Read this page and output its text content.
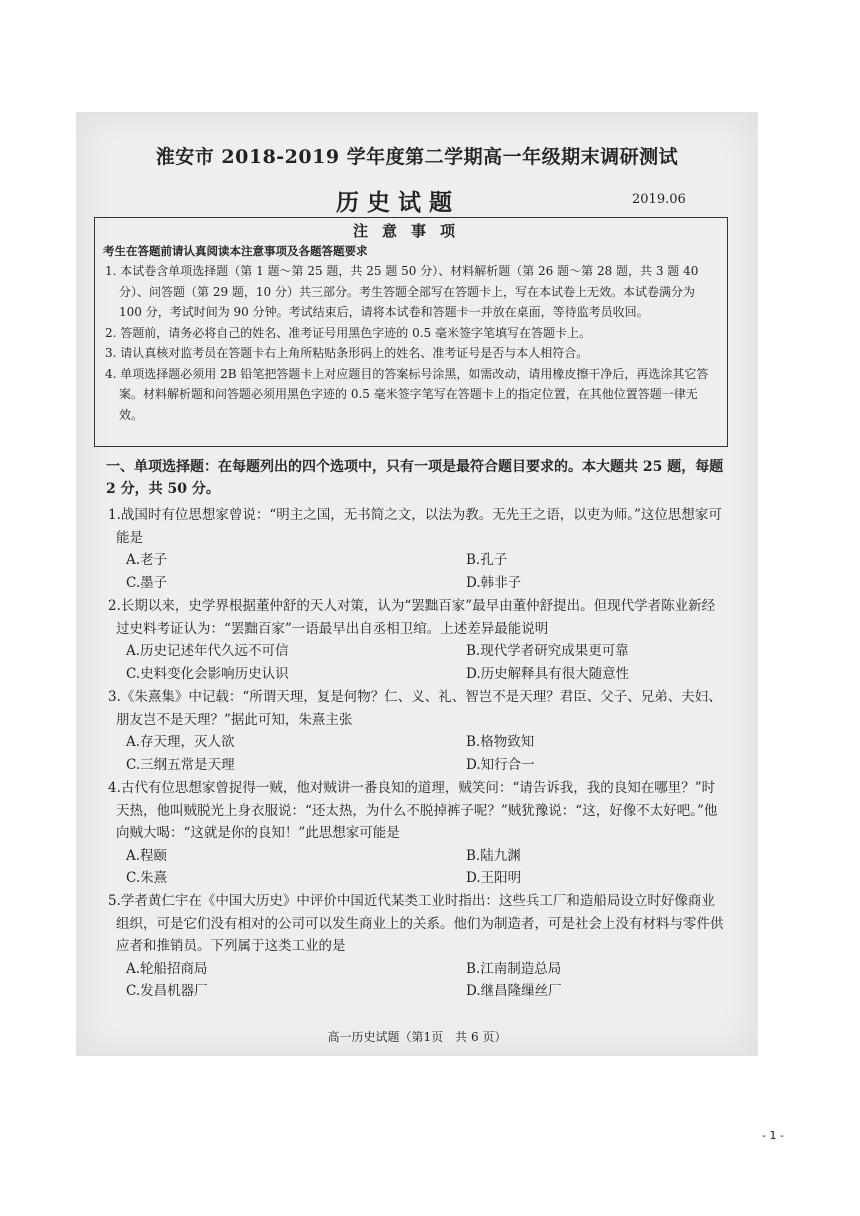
淮安市 2018-2019 学年度第二学期高一年级期末调研测试
历史试题	2019.06
注意事项
考生在答题前请认真阅读本注意事项及各题答题要求
1. 本试卷含单项选择题（第 1 题～第 25 题，共 25 题 50 分）、材料解析题（第 26 题～第 28 题，共 3 题 40 分）、问答题（第 29 题，10 分）共三部分。考生答题全部写在答题卡上，写在本试卷上无效。本试卷满分为 100 分，考试时间为 90 分钟。考试结束后，请将本试卷和答题卡一并放在桌面，等待监考员收回。
2. 答题前，请务必将自己的姓名、准考证号用黑色字迹的 0.5 毫米签字笔填写在答题卡上。
3. 请认真核对监考员在答题卡右上角所粘贴条形码上的姓名、准考证号是否与本人相符合。
4. 单项选择题必须用 2B 铅笔把答题卡上对应题目的答案标号涂黑，如需改动，请用橡皮擦干净后，再选涂其它答案。材料解析题和问答题必须用黑色字迹的 0.5 毫米签字笔写在答题卡上的指定位置，在其他位置答题一律无效。
一、单项选择题：在每题列出的四个选项中，只有一项是最符合题目要求的。本大题共 25 题，每题 2 分，共 50 分。
1.战国时有位思想家曾说：“明主之国，无书简之文，以法为教。无先王之语，以吏为师。”这位思想家可能是
A.老子	B.孔子
C.墨子	D.韩非子
2.长期以来，史学界根据董仲舒的天人对策，认为“罢黜百家”最早由董仲舒提出。但现代学者陈业新经过史料考证认为：“罢黜百家”一语最早出自丞相卫绾。上述差异最能说明
A.历史记述年代久远不可信	B.现代学者研究成果更可靠
C.史料变化会影响历史认识	D.历史解释具有很大随意性
3.《朱熹集》中记载：“所谓天理，复是何物？仁、义、礼、智岂不是天理？君臣、父子、兄弟、夫妇、朋友岂不是天理？”据此可知，朱熹主张
A.存天理，灭人欲	B.格物致知
C.三纲五常是天理	D.知行合一
4.古代有位思想家曾捉得一贼，他对贼讲一番良知的道理，贼笑问：“请告诉我，我的良知在哪里？”时天热，他叫贼脱光上身衣服说：“还太热，为什么不脱掉裤子呢？”贼犹豫说：“这，好像不太好吧。”他向贼大喝：“这就是你的良知！”此思想家可能是
A.程颐	B.陆九渊
C.朱熹	D.王阳明
5.学者黄仁宇在《中国大历史》中评价中国近代某类工业时指出：这些兵工厂和造船局设立时好像商业组织，可是它们没有相对的公司可以发生商业上的关系。他们为制造者，可是社会上没有材料与零件供应者和推销员。下列属于这类工业的是
A.轮船招商局	B.江南制造总局
C.发昌机器厂	D.继昌隆缫丝厂
高一历史试题（第1页　共 6 页）
- 1 -
